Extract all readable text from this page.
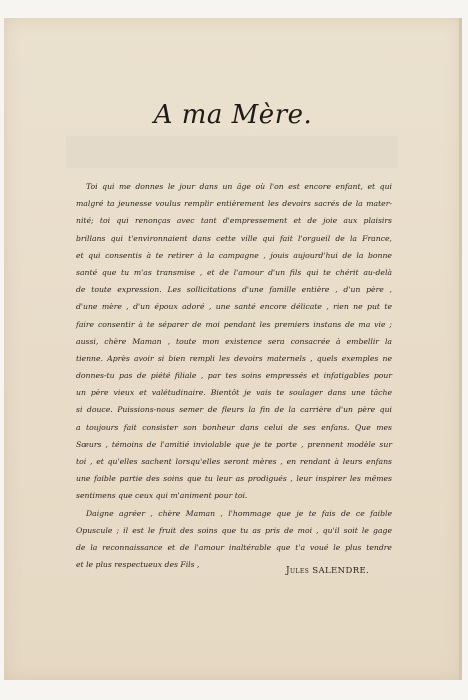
A ma Mère.
Toi qui me donnes le jour dans un âge où l'on est encore enfant, et qui
malgré ta jeunesse voulus remplir entièrement les devoirs sacrés de la mater-
nité; toi qui renonças avec tant d'empressement et de joie aux plaisirs
brillans qui t'environnaient dans cette ville qui fait l'orgueil de la France,
et qui consentis à te retirer à la campagne , jouis aujourd'hui de la bonne
santé que tu m'as transmise , et de l'amour d'un fils qui te chérit au-delà
de toute expression. Les sollicitations d'une famille entière , d'un père ,
d'une mère , d'un époux adoré , une santé encore délicate , rien ne put te
faire consentir à te séparer de moi pendant les premiers instans de ma vie ;
aussi, chère Maman , toute mon existence sera consacrée à embellir la
tienne. Après avoir si bien rempli les devoirs maternels , quels exemples ne
donnes-tu pas de piété filiale , par tes soins empressés et infatigables pour
un père vieux et valétudinaire. Bientôt je vais te soulager dans une tâche
si douce. Puissions-nous semer de fleurs la fin de la carrière d'un père qui
a toujours fait consister son bonheur dans celui de ses enfans. Que mes
Sœurs , témoins de l'amitié inviolable que je te porte , prennent modèle sur
toi , et qu'elles sachent lorsqu'elles seront mères , en rendant à leurs enfans
une faible partie des soins que tu leur as prodigués , leur inspirer les mêmes
sentimens que ceux qui m'animent pour toi.
Daigne agréer , chère Maman , l'hommage que je te fais de ce faible
Opuscule ; il est le fruit des soins que tu as pris de moi , qu'il soit le gage
de la reconnaissance et de l'amour inaltérable que t'a voué le plus tendre
et le plus respectueux des Fils ,
Jules SALENDRE.
